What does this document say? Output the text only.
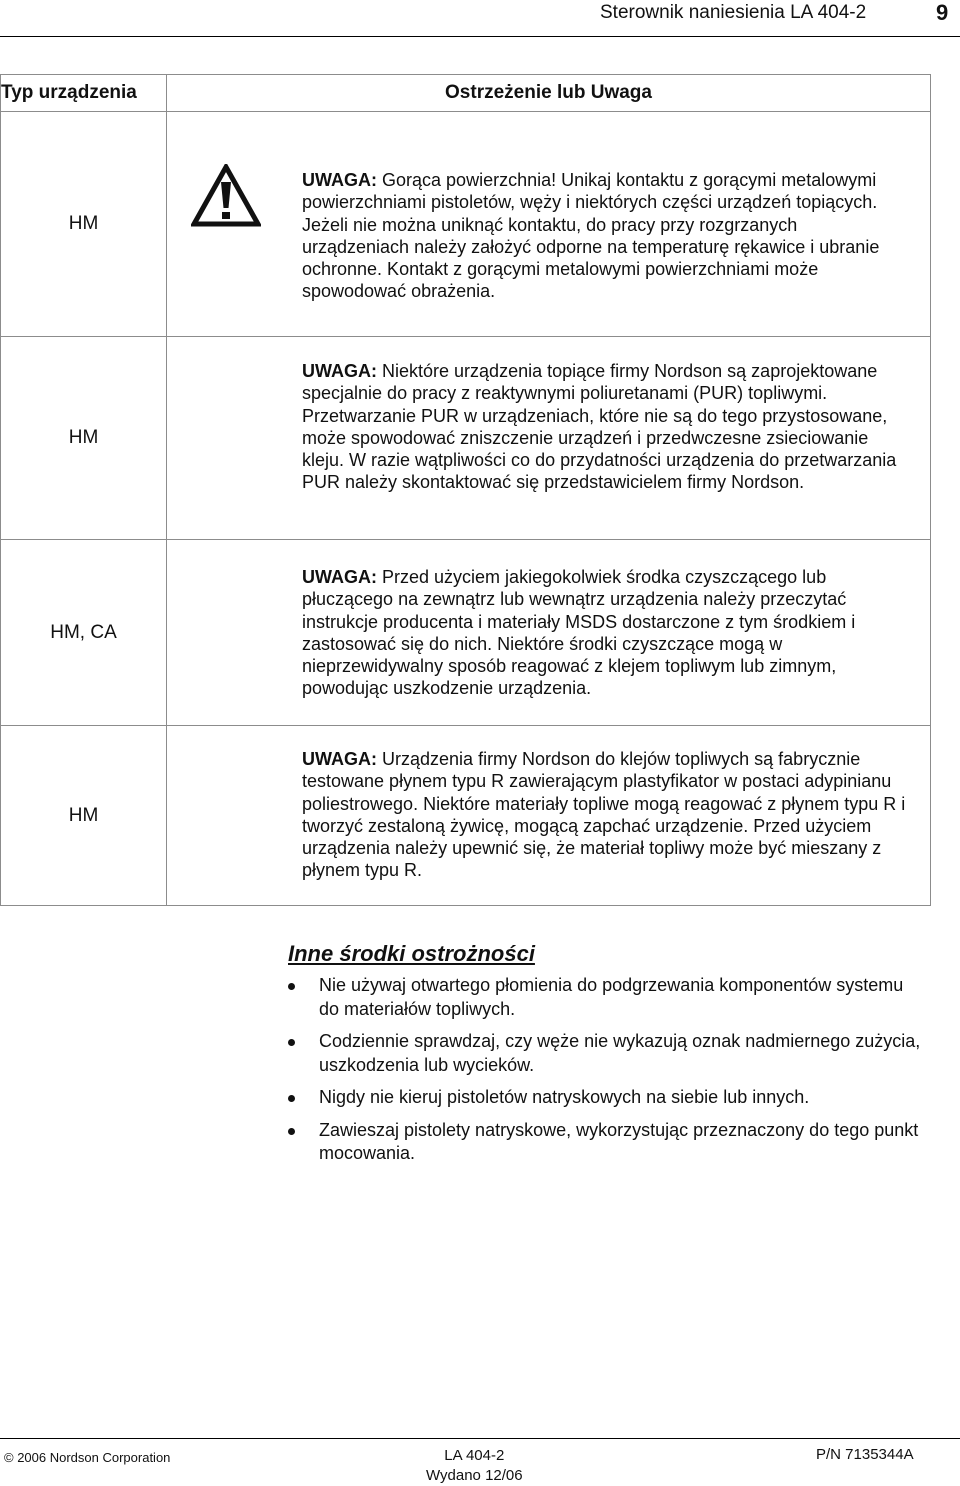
Sterownik naniesienia LA 404-2	9
Typ urządzenia	Ostrzeżenie lub Uwaga
HM	UWAGA: Gorąca powierzchnia! Unikaj kontaktu z gorącymi metalowymi powierzchniami pistoletów, węży i niektórych części urządzeń topiących. Jeżeli nie można uniknąć kontaktu, do pracy przy rozgrzanych urządzeniach należy założyć odporne na temperaturę rękawice i ubranie ochronne. Kontakt z gorącymi metalowymi powierzchniami może spowodować obrażenia.

HM	UWAGA: Niektóre urządzenia topiące firmy Nordson są zaprojektowane specjalnie do pracy z reaktywnymi poliuretanami (PUR) topliwymi. Przetwarzanie PUR w urządzeniach, które nie są do tego przystosowane, może spowodować zniszczenie urządzeń i przedwczesne zsieciowanie kleju. W razie wątpliwości co do przydatności urządzenia do przetwarzania PUR należy skontaktować się przedstawicielem firmy Nordson.

HM, CA	UWAGA: Przed użyciem jakiegokolwiek środka czyszczącego lub płuczącego na zewnątrz lub wewnątrz urządzenia należy przeczytać instrukcje producenta i materiały MSDS dostarczone z tym środkiem i zastosować się do nich. Niektóre środki czyszczące mogą w nieprzewidywalny sposób reagować z klejem topliwym lub zimnym, powodując uszkodzenie urządzenia.

HM	UWAGA: Urządzenia firmy Nordson do klejów topliwych są fabrycznie testowane płynem typu R zawierającym plastyfikator w postaci adypinianu poliestrowego. Niektóre materiały topliwe mogą reagować z płynem typu R i tworzyć zestaloną żywicę, mogącą zapchać urządzenie. Przed użyciem urządzenia należy upewnić się, że materiał topliwy może być mieszany z płynem typu R.
Inne środki ostrożności
Nie używaj otwartego płomienia do podgrzewania komponentów systemu do materiałów topliwych.
Codziennie sprawdzaj, czy węże nie wykazują oznak nadmiernego zużycia, uszkodzenia lub wycieków.
Nigdy nie kieruj pistoletów natryskowych na siebie lub innych.
Zawieszaj pistolety natryskowe, wykorzystując przeznaczony do tego punkt mocowania.
© 2006 Nordson Corporation	LA 404-2
Wydano 12/06
P/N 7135344A
